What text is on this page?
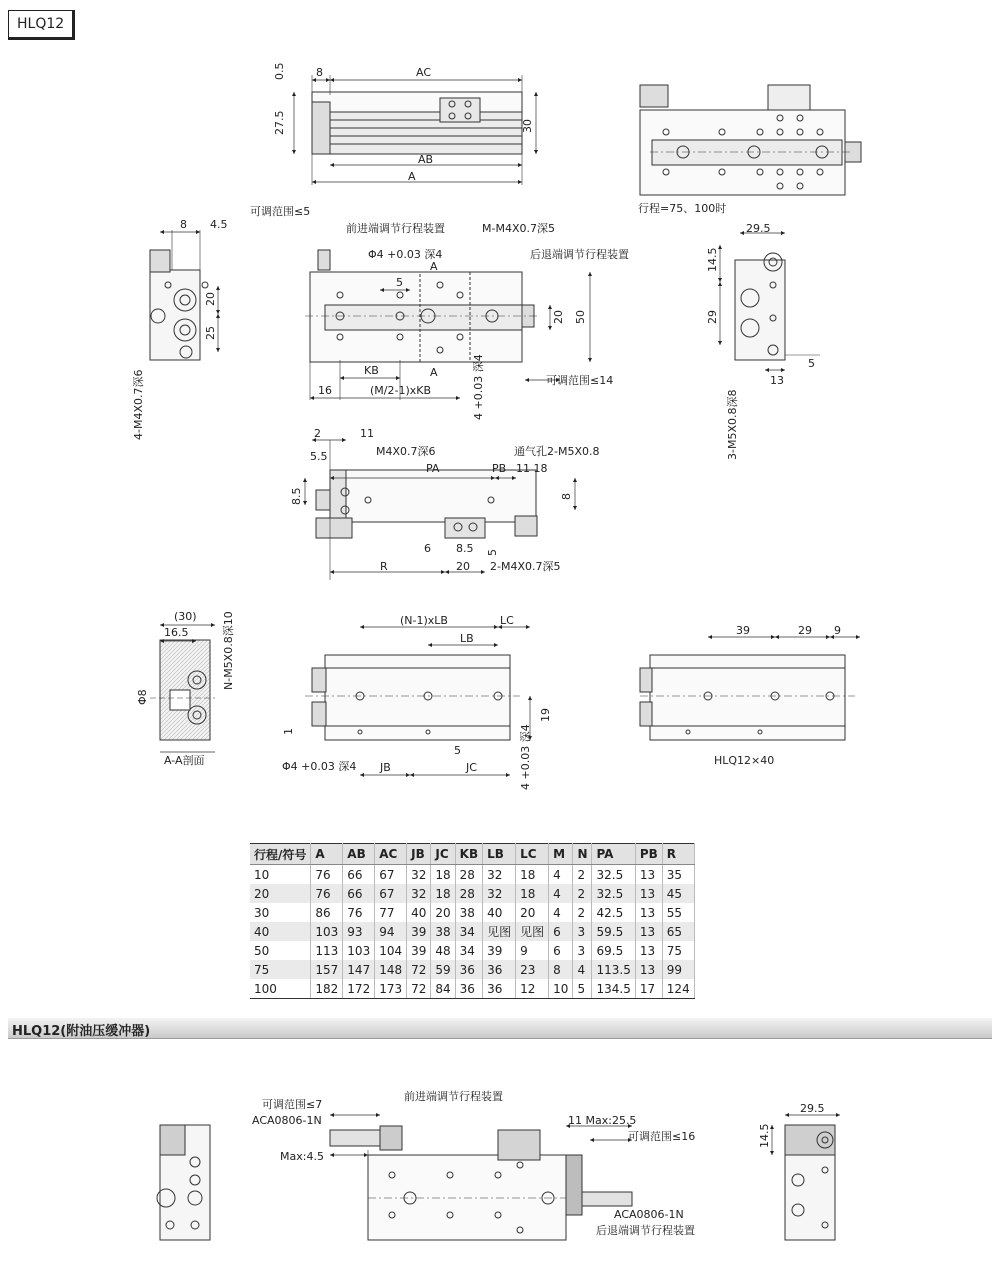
HLQ12
0.5	8	AC
27.5	30
AB
A
行程=75、100时
8 4.5
20
25
4-M4X0.7深6
可调范围≤5
前进端调节行程装置
Φ4 +0.03 深4
A
M-M4X0.7深5
后退端调节行程装置
5
20 50
KB	A
16	(M/2-1)xKB	4 +0.03 深4	可调范围≤14
29.5
14.5
29
5
13
3-M5X0.8深8
2	11
5.5	M4X0.7深6	通气孔2-M5X0.8
PA	PB 11 18
8.5	8
6 8.5 5
R	20 2-M4X0.7深5
(30)
16.5
Φ8
N-M5X0.8深10
A-A剖面
(N-1)xLB	LC
LB
1
19
Φ4 +0.03 深4
5
JB	JC	4 +0.03 深4
39	29 9
HLQ12×40
可调范围≤7
ACA0806-1N
前进端调节行程装置
Max:4.5
11 Max:25.5
可调范围≤16
ACA0806-1N
后退端调节行程装置
29.5
14.5
行程/符号	A	AB	AC	JB	JC	KB	LB	LC	M	N	PA	PB	R
10	76	66	67	32	18	28	32	18	4	2	32.5	13	35
20	76	66	67	32	18	28	32	18	4	2	32.5	13	45
30	86	76	77	40	20	38	40	20	4	2	42.5	13	55
40	103	93	94	39	38	34	见图	见图	6	3	59.5	13	65
50	113	103	104	39	48	34	39	9	6	3	69.5	13	75
75	157	147	148	72	59	36	36	23	8	4	113.5	13	99
100	182	172	173	72	84	36	36	12	10	5	134.5	17	124
HLQ12(附油压缓冲器)
